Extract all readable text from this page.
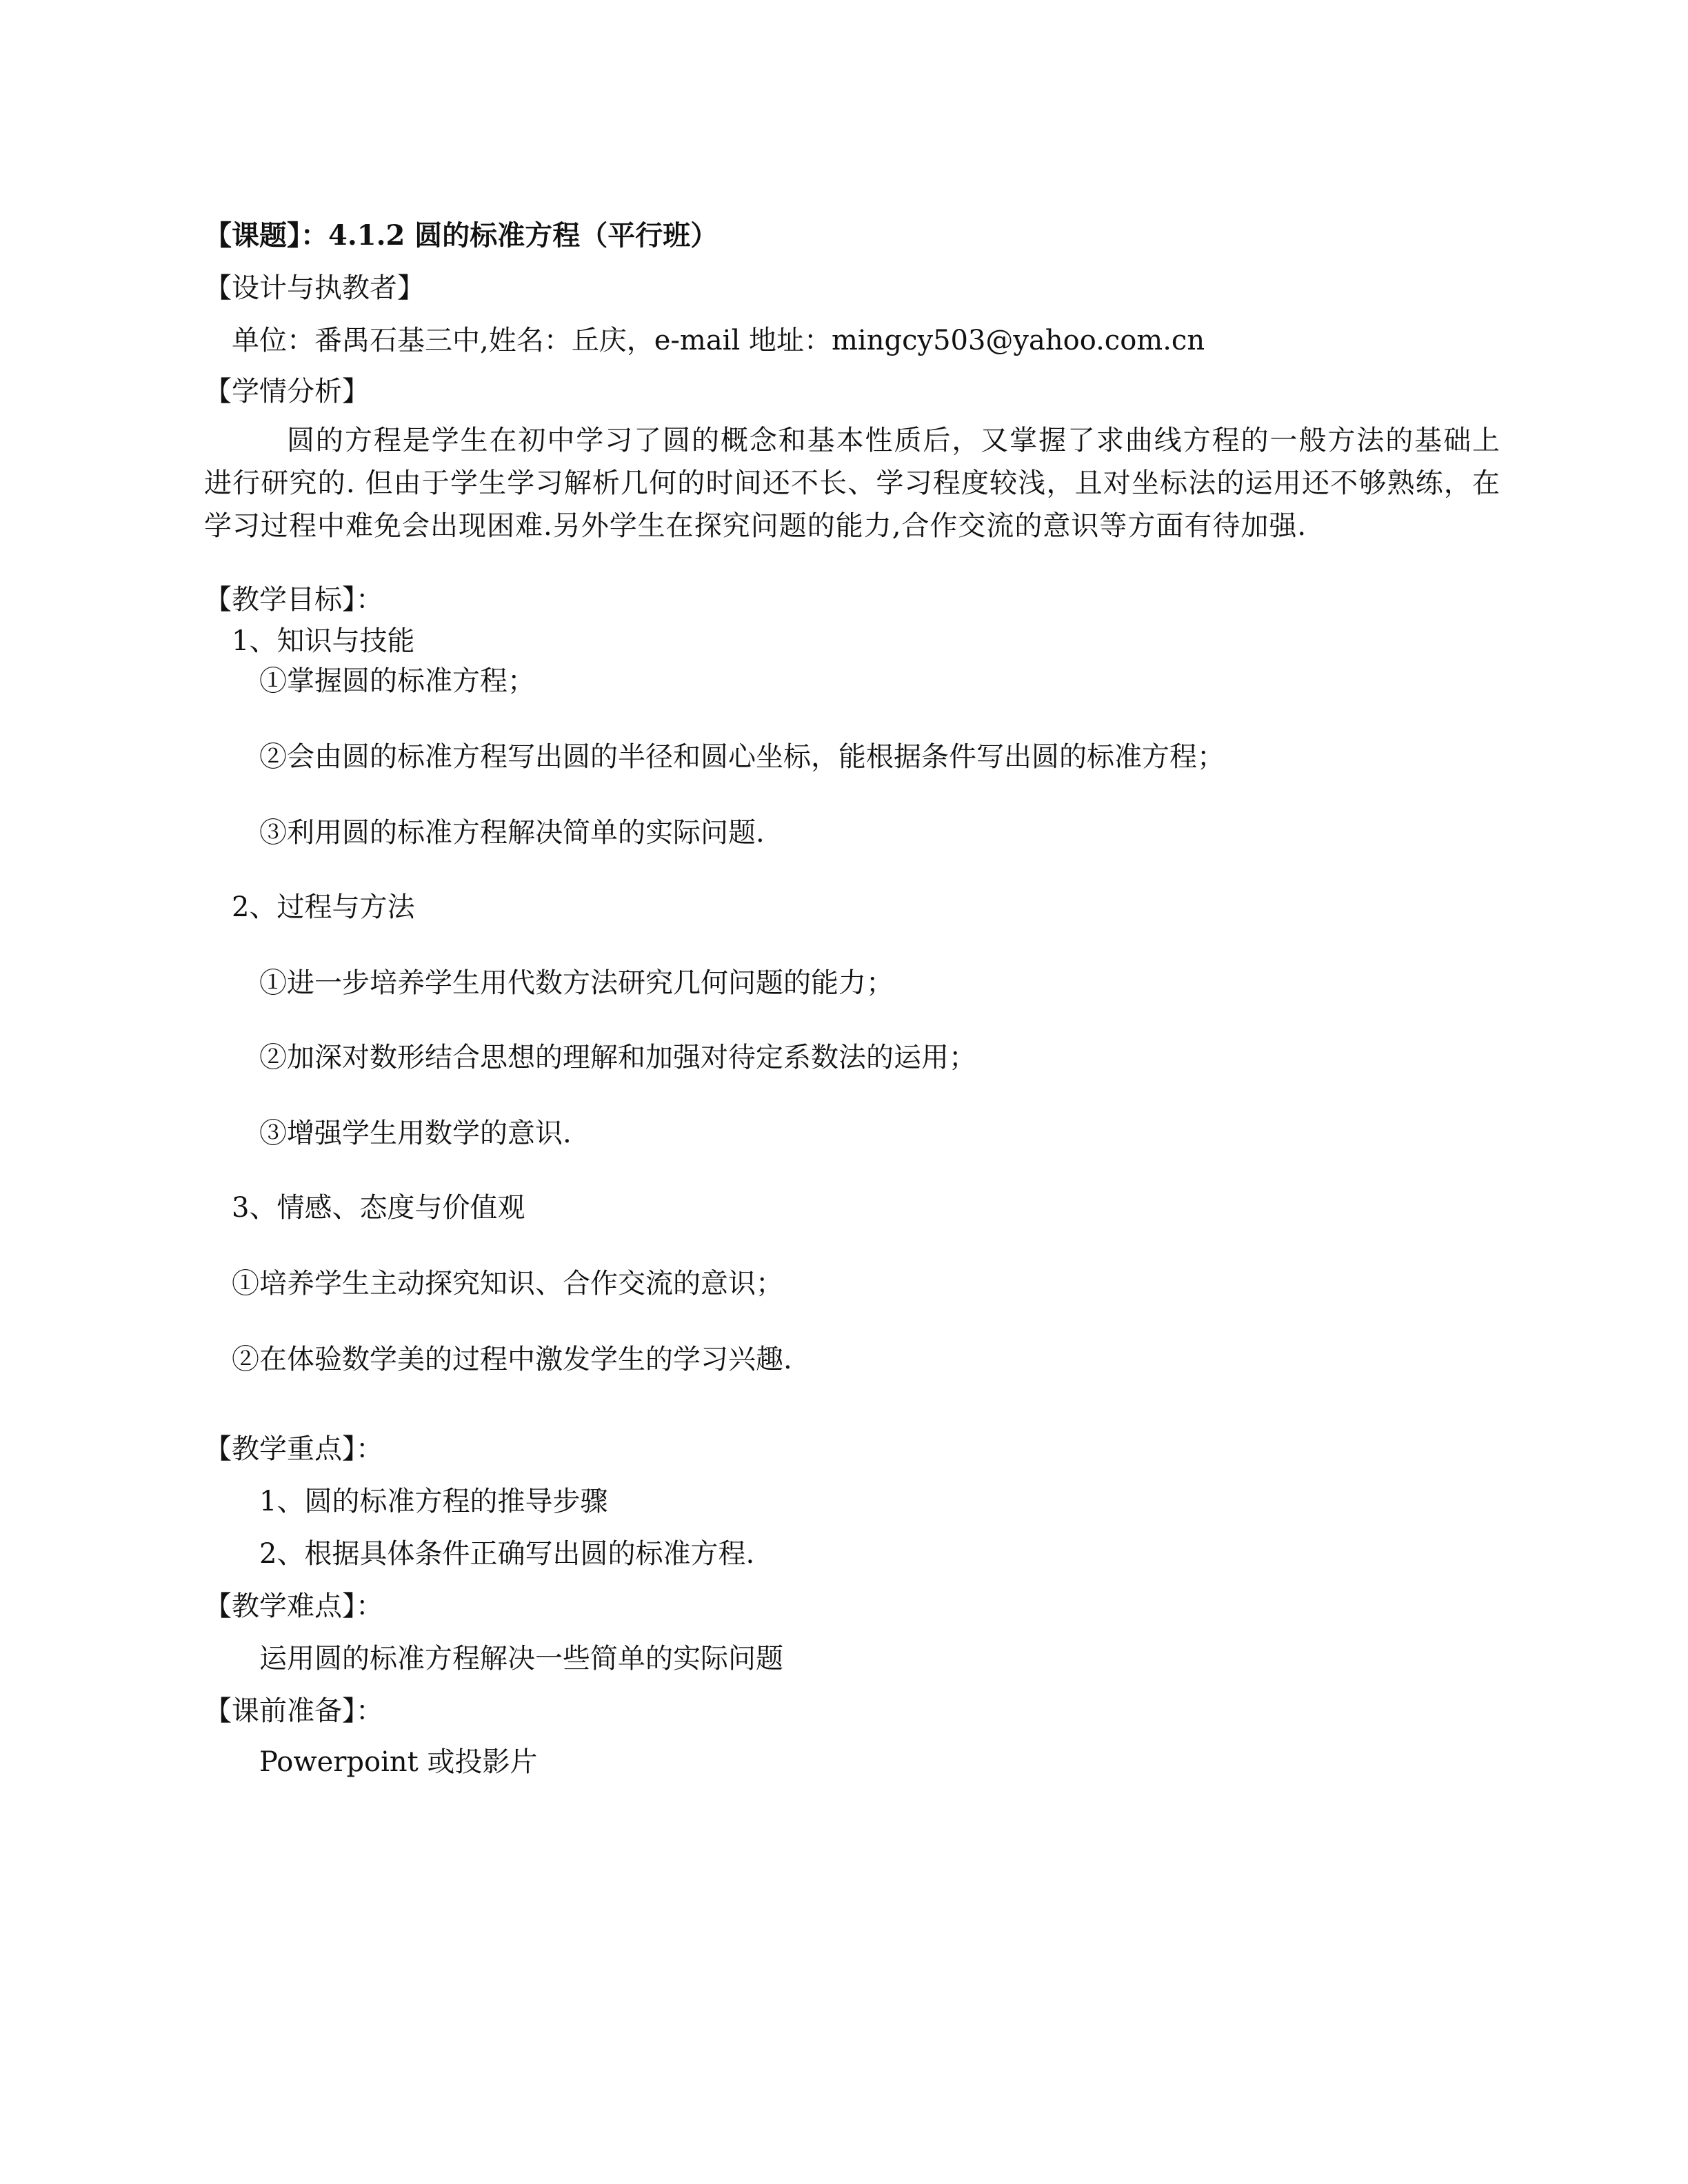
【课题】：4.1.2 圆的标准方程（平行班）
【设计与执教者】
单位：番禺石基三中,姓名：丘庆，e-mail 地址：mingcy503@yahoo.com.cn
【学情分析】
圆的方程是学生在初中学习了圆的概念和基本性质后，又掌握了求曲线方程的一般方法的基础上进行研究的. 但由于学生学习解析几何的时间还不长、学习程度较浅，且对坐标法的运用还不够熟练，在学习过程中难免会出现困难.另外学生在探究问题的能力,合作交流的意识等方面有待加强.
【教学目标】：
1、知识与技能
①掌握圆的标准方程；
②会由圆的标准方程写出圆的半径和圆心坐标，能根据条件写出圆的标准方程；
③利用圆的标准方程解决简单的实际问题.
2、过程与方法
①进一步培养学生用代数方法研究几何问题的能力；
②加深对数形结合思想的理解和加强对待定系数法的运用；
③增强学生用数学的意识.
3、情感、态度与价值观
①培养学生主动探究知识、合作交流的意识；
②在体验数学美的过程中激发学生的学习兴趣.
【教学重点】：
1、圆的标准方程的推导步骤
2、根据具体条件正确写出圆的标准方程.
【教学难点】：
运用圆的标准方程解决一些简单的实际问题
【课前准备】：
Powerpoint 或投影片
